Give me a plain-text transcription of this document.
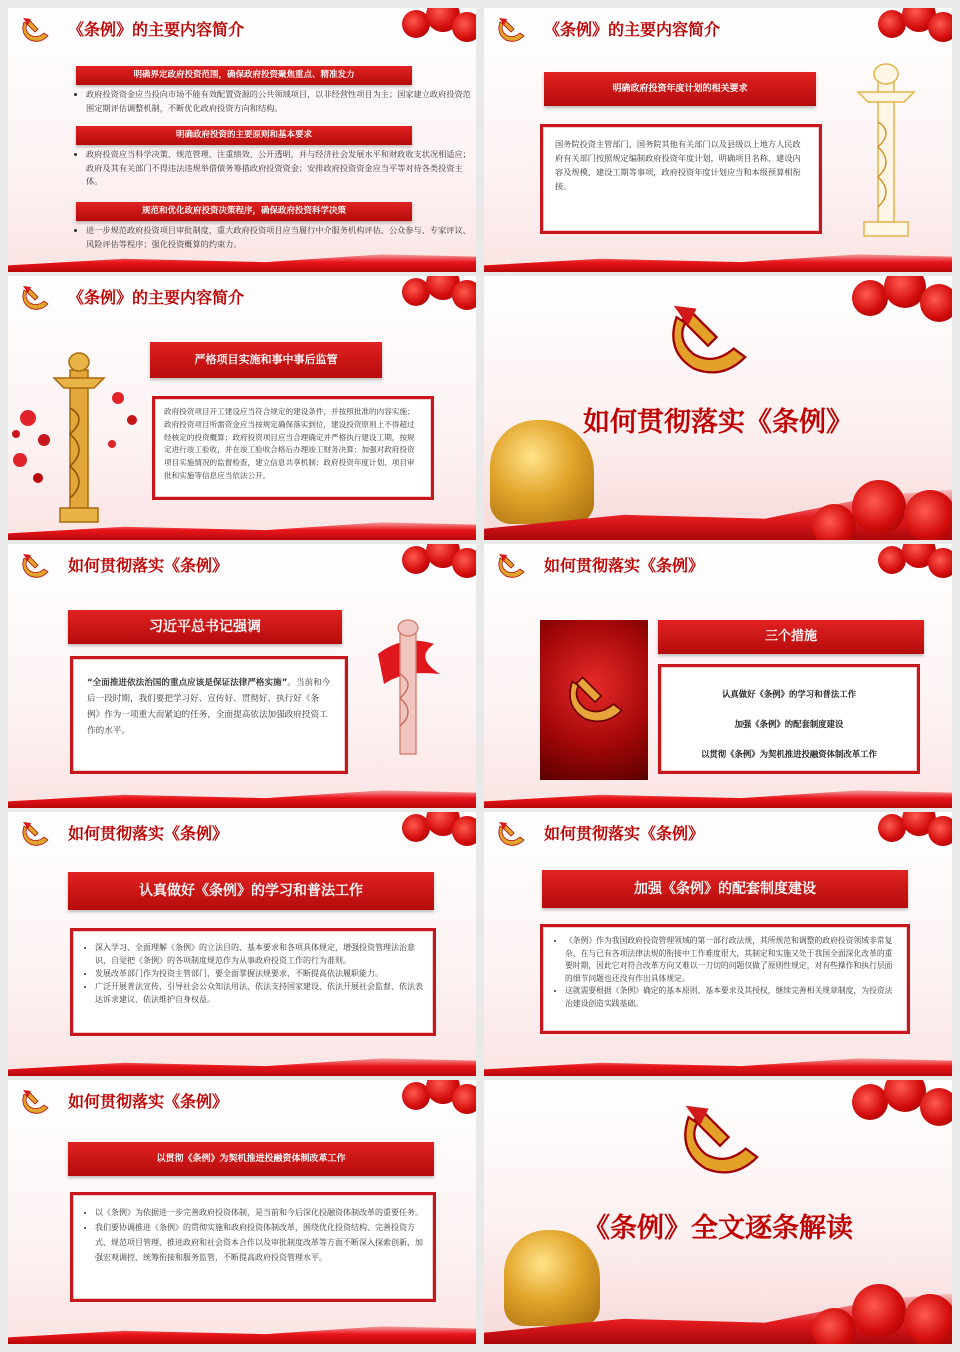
《条例》的主要内容简介
明确界定政府投资范围，确保政府投资聚焦重点、精准发力
• 政府投资资金应当投向市场不能有效配置资源的公共领域项目，以非经营性项目为主；国家建立政府投资范围定期评估调整机制，不断优化政府投资方向和结构。
明确政府投资的主要原则和基本要求
• 政府投资应当科学决策、规范管理、注重绩效、公开透明，并与经济社会发展水平和财政收支状况相适应；政府及其有关部门不得违法违规举借债务筹措政府投资资金；安排政府投资资金应当平等对待各类投资主体。
规范和优化政府投资决策程序，确保政府投资科学决策
• 进一步规范政府投资项目审批制度，重大政府投资项目应当履行中介服务机构评估、公众参与、专家评议、风险评估等程序；强化投资概算的约束力。
《条例》的主要内容简介
明确政府投资年度计划的相关要求
国务院投资主管部门、国务院其他有关部门以及县级以上地方人民政府有关部门按照规定编制政府投资年度计划，明确项目名称、建设内容及规模、建设工期等事项，政府投资年度计划应当和本级预算相衔接。
《条例》的主要内容简介
严格项目实施和事中事后监管
政府投资项目开工建设应当符合规定的建设条件，并按照批准的内容实施；政府投资项目所需资金应当按规定确保落实到位，建设投资原则上不得超过经核定的投资概算；政府投资项目应当合理确定并严格执行建设工期，按规定进行竣工验收，并在竣工验收合格后办理竣工财务决算；加强对政府投资项目实施情况的监督检查，建立信息共享机制；政府投资年度计划、项目审批和实施等信息应当依法公开。
如何贯彻落实《条例》
如何贯彻落实《条例》
习近平总书记强调
“全面推进依法治国的重点应该是保证法律严格实施”。当前和今后一段时期，我们要把学习好、宣传好、贯彻好、执行好《条例》作为一项重大而紧迫的任务，全面提高依法加强政府投资工作的水平。
如何贯彻落实《条例》
三个措施

认真做好《条例》的学习和普法工作

加强《条例》的配套制度建设

以贯彻《条例》为契机推进投融资体制改革工作

如何贯彻落实《条例》
认真做好《条例》的学习和普法工作
• 深入学习、全面理解《条例》的立法目的、基本要求和各项具体规定，增强投资管理法治意识，自觉把《条例》的各项制度规范作为从事政府投资工作的行为准则。
• 发展改革部门作为投资主管部门，要全面掌握法规要求，不断提高依法履职能力。
• 广泛开展普法宣传，引导社会公众知法用法，依法支持国家建设、依法开展社会监督、依法表达诉求建议、依法维护自身权益。
如何贯彻落实《条例》
加强《条例》的配套制度建设
• 《条例》作为我国政府投资管理领域的第一部行政法规，其所规范和调整的政府投资领域非常复杂，在与已有各项法律法规的衔接中工作难度很大，其制定和实施又处于我国全面深化改革的重要时期，因此它对符合改革方向又难以一刀切的问题仅做了原则性规定，对有些操作和执行层面的细节问题也还没有作出具体规定。
• 这就需要根据《条例》确定的基本原则、基本要求及其授权，继续完善相关规章制度，为投资法治建设创造实践基础。
如何贯彻落实《条例》
以贯彻《条例》为契机推进投融资体制改革工作
• 以《条例》为依据进一步完善政府投资体制，是当前和今后深化投融资体制改革的重要任务。
• 我们要协调推进《条例》的贯彻实施和政府投资体制改革，围绕优化投资结构、完善投资方式、规范项目管理、推进政府和社会资本合作以及审批制度改革等方面不断深入探索创新，加强宏观调控、统筹衔接和服务监管，不断提高政府投资管理水平。
《条例》全文逐条解读
